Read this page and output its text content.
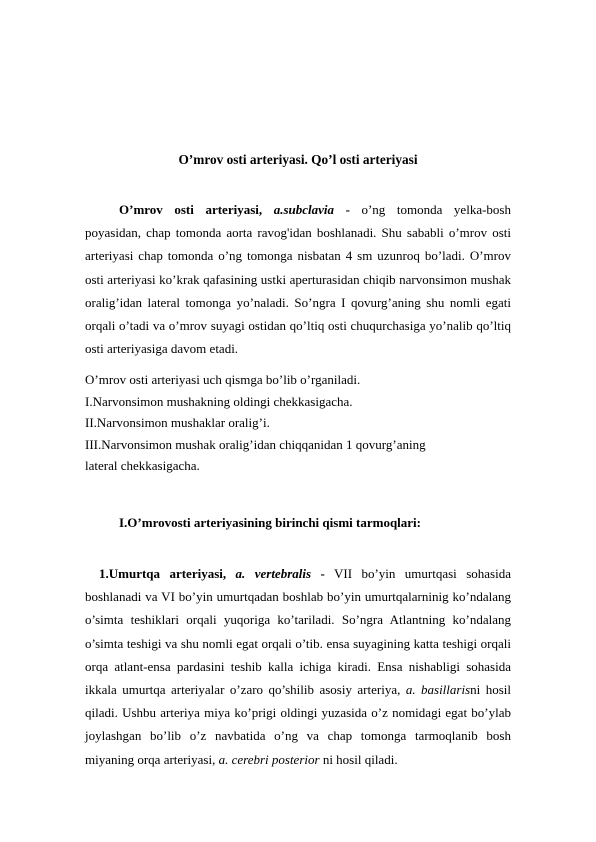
O’mrov osti arteriyasi. Qo’l osti arteriyasi

O’mrov osti arteriyasi, a.subclavia - o’ng tomonda yelka-bosh poyasidan, chap tomonda aorta ravog'idan boshlanadi. Shu sababli o’mrov osti arteriyasi chap tomonda o’ng tomonga nisbatan 4 sm uzunroq bo’ladi. O’mrov osti arteriyasi ko’krak qafasining ustki aperturasidan chiqib narvonsimon mushak oralig’idan lateral tomonga yo’naladi. So’ngra I qovurg’aning shu nomli egati orqali o’tadi va o’mrov suyagi ostidan qo’ltiq osti chuqurchasiga yo’nalib qo’ltiq osti arteriyasiga davom etadi.

O’mrov osti arteriyasi uch qismga bo’lib o’rganiladi.

I.Narvonsimon mushakning oldingi chekkasigacha.

II.Narvonsimon mushaklar oralig’i.

III.Narvonsimon mushak oralig’idan chiqqanidan 1 qovurg’aning

lateral chekkasigacha.

I.O’mrovosti arteriyasining birinchi qismi tarmoqlari:

1.Umurtqa arteriyasi, a. vertebralis - VII bo’yin umurtqasi sohasida boshlanadi va VI bo’yin umurtqadan boshlab bo’yin umurtqalarninig ko’ndalang o’simta teshiklari orqali yuqoriga ko’tariladi. So’ngra Atlantning ko’ndalang o’simta teshigi va shu nomli egat orqali o’tib. ensa suyagining katta teshigi orqali orqa atlant-ensa pardasini teshib kalla ichiga kiradi. Ensa nishabligi sohasida ikkala umurtqa arteriyalar o’zaro qo’shilib asosiy arteriya, a. basillarisni hosil qiladi. Ushbu arteriya miya ko’prigi oldingi yuzasida o’z nomidagi egat bo’ylab joylashgan bo’lib o’z navbatida o’ng va chap tomonga tarmoqlanib bosh miyaning orqa arteriyasi, a. cerebri posterior ni hosil qiladi.
